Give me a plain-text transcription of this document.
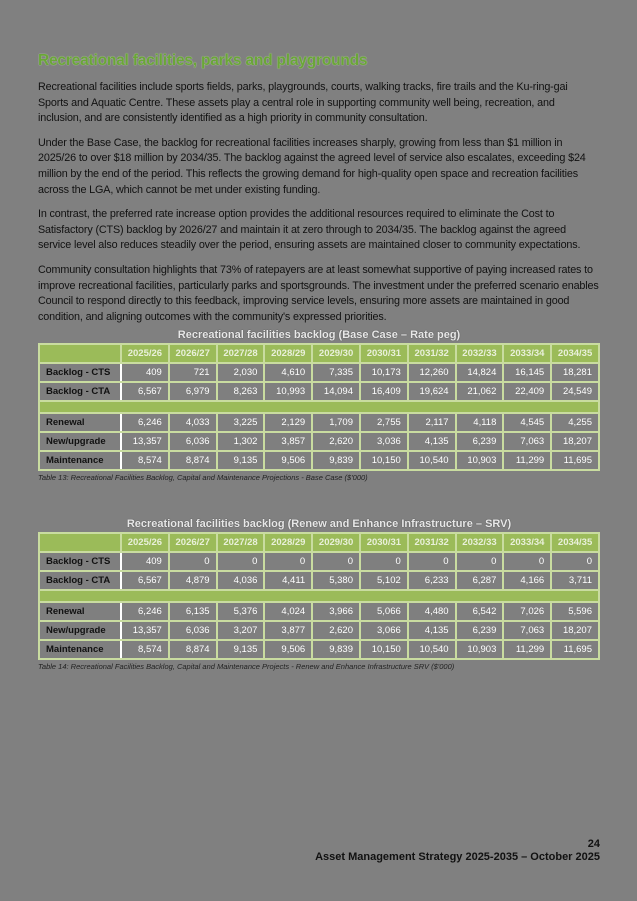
Recreational facilities, parks and playgrounds

Recreational facilities include sports fields, parks, playgrounds, courts, walking tracks, fire trails and the Ku-ring-gai Sports and Aquatic Centre. These assets play a central role in supporting community well being, recreation, and inclusion, and are consistently identified as a high priority in community consultation.

Under the Base Case, the backlog for recreational facilities increases sharply, growing from less than $1 million in 2025/26 to over $18 million by 2034/35. The backlog against the agreed level of service also escalates, exceeding $24 million by the end of the period. This reflects the growing demand for high-quality open space and recreation facilities across the LGA, which cannot be met under existing funding.

In contrast, the preferred rate increase option provides the additional resources required to eliminate the Cost to Satisfactory (CTS) backlog by 2026/27 and maintain it at zero through to 2034/35. The backlog against the agreed service level also reduces steadily over the period, ensuring assets are maintained closer to community expectations.

Community consultation highlights that 73% of ratepayers are at least somewhat supportive of paying increased rates to improve recreational facilities, particularly parks and sportsgrounds. The investment under the preferred scenario enables Council to respond directly to this feedback, improving service levels, ensuring more assets are maintained in good condition, and aligning outcomes with the community's expressed priorities.

Recreational facilities backlog (Base Case – Rate peg)
	2025/26	2026/27	2027/28	2028/29	2029/30	2030/31	2031/32	2032/33	2033/34	2034/35
Backlog - CTS	409	721	2,030	4,610	7,335	10,173	12,260	14,824	16,145	18,281
Backlog - CTA	6,567	6,979	8,263	10,993	14,094	16,409	19,624	21,062	22,409	24,549

Renewal	6,246	4,033	3,225	2,129	1,709	2,755	2,117	4,118	4,545	4,255
New/upgrade	13,357	6,036	1,302	3,857	2,620	3,036	4,135	6,239	7,063	18,207
Maintenance	8,574	8,874	9,135	9,506	9,839	10,150	10,540	10,903	11,299	11,695
Table 13: Recreational Facilities Backlog, Capital and Maintenance Projections - Base Case ($'000)
Recreational facilities backlog (Renew and Enhance Infrastructure – SRV)
	2025/26	2026/27	2027/28	2028/29	2029/30	2030/31	2031/32	2032/33	2033/34	2034/35
Backlog - CTS	409	0	0	0	0	0	0	0	0	0
Backlog - CTA	6,567	4,879	4,036	4,411	5,380	5,102	6,233	6,287	4,166	3,711

Renewal	6,246	6,135	5,376	4,024	3,966	5,066	4,480	6,542	7,026	5,596
New/upgrade	13,357	6,036	3,207	3,877	2,620	3,066	4,135	6,239	7,063	18,207
Maintenance	8,574	8,874	9,135	9,506	9,839	10,150	10,540	10,903	11,299	11,695
Table 14: Recreational Facilities Backlog, Capital and Maintenance Projects - Renew and Enhance Infrastructure SRV ($'000)
24
Asset Management Strategy 2025-2035 – October 2025
